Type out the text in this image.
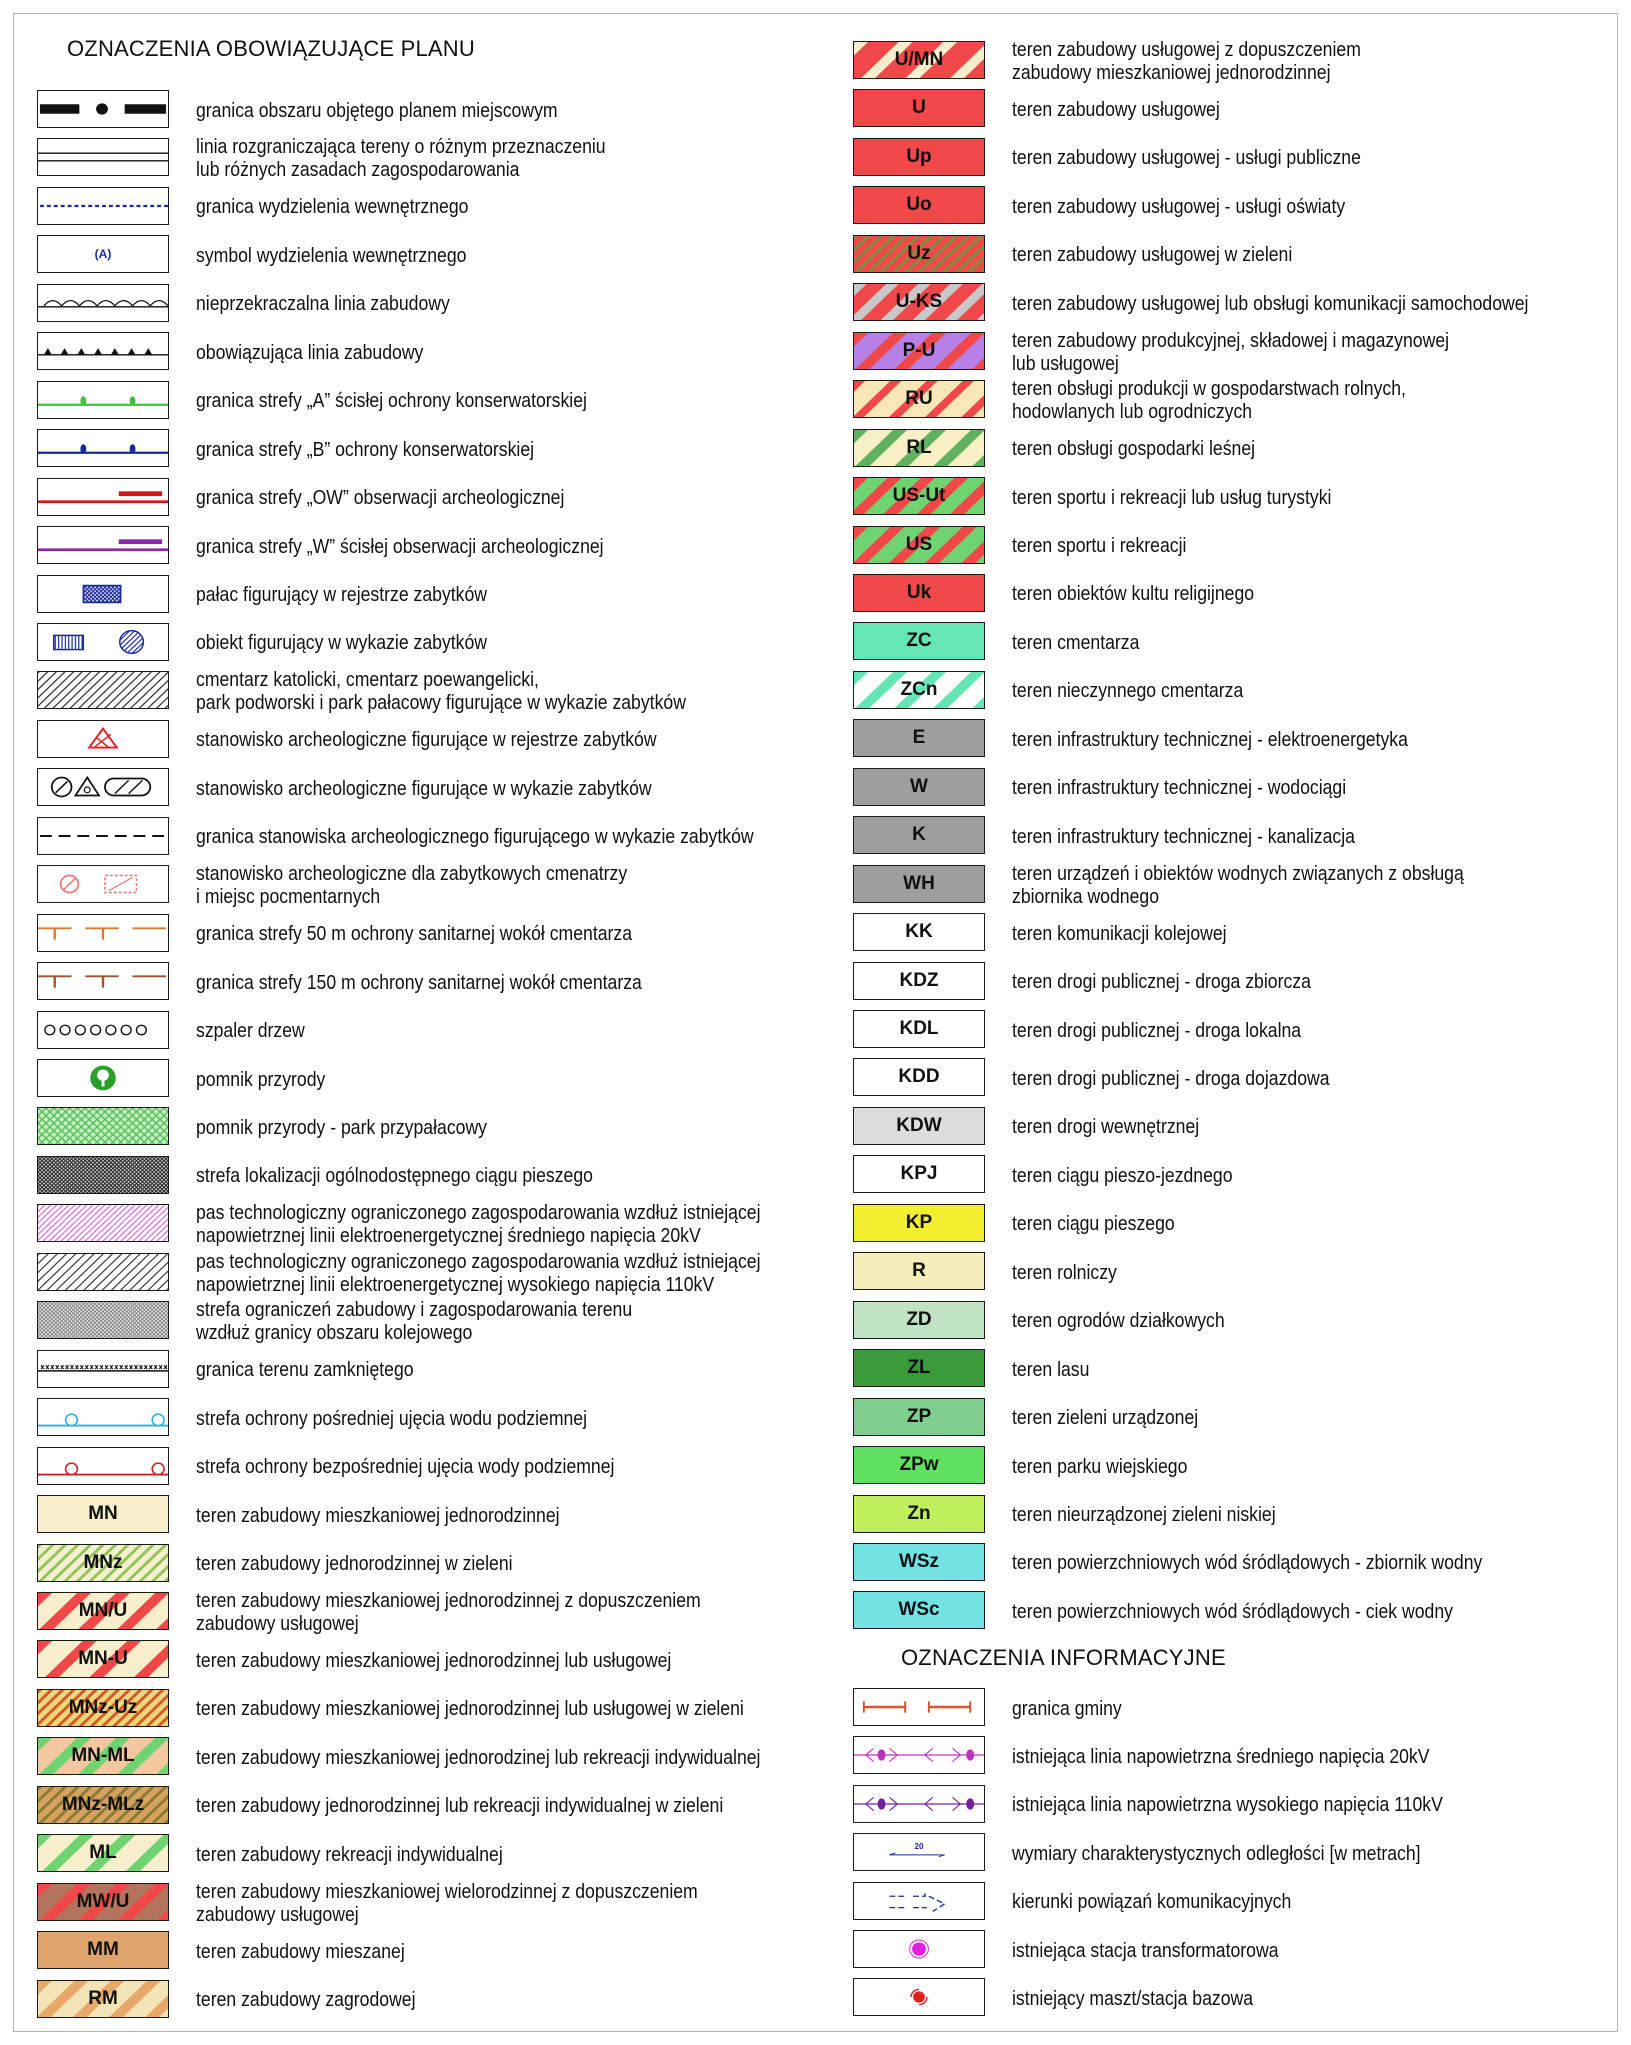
OZNACZENIA OBOWIĄZUJĄCE PLANU
granica obszaru objętego planem miejscowym
linia rozgraniczająca tereny o różnym przeznaczeniu
lub różnych zasadach zagospodarowania
granica wydzielenia wewnętrznego
(A)	symbol wydzielenia wewnętrznego
nieprzekraczalna linia zabudowy
obowiązująca linia zabudowy
granica strefy „A” ścisłej ochrony konserwatorskiej
granica strefy „B” ochrony konserwatorskiej
granica strefy „OW” obserwacji archeologicznej
granica strefy „W” ścisłej obserwacji archeologicznej
pałac figurujący w rejestrze zabytków
obiekt figurujący w wykazie zabytków
cmentarz katolicki, cmentarz poewangelicki,
park podworski i park pałacowy figurujące w wykazie zabytków
stanowisko archeologiczne figurujące w rejestrze zabytków
stanowisko archeologiczne figurujące w wykazie zabytków
granica stanowiska archeologicznego figurującego w wykazie zabytków
stanowisko archeologiczne dla zabytkowych cmenatrzy
i miejsc pocmentarnych
granica strefy 50 m ochrony sanitarnej wokół cmentarza
granica strefy 150 m ochrony sanitarnej wokół cmentarza
szpaler drzew
pomnik przyrody
pomnik przyrody - park przypałacowy
strefa lokalizacji ogólnodostępnego ciągu pieszego
pas technologiczny ograniczonego zagospodarowania wzdłuż istniejącej
napowietrznej linii elektroenergetycznej średniego napięcia 20kV
pas technologiczny ograniczonego zagospodarowania wzdłuż istniejącej
napowietrznej linii elektroenergetycznej wysokiego napięcia 110kV
strefa ograniczeń zabudowy i zagospodarowania terenu
wzdłuż granicy obszaru kolejowego
granica terenu zamkniętego
strefa ochrony pośredniej ujęcia wodu podziemnej
strefa ochrony bezpośredniej ujęcia wody podziemnej
MN	teren zabudowy mieszkaniowej jednorodzinnej
MNz	teren zabudowy jednorodzinnej w zieleni
MN/U	teren zabudowy mieszkaniowej jednorodzinnej z dopuszczeniem
zabudowy usługowej
MN-U	teren zabudowy mieszkaniowej jednorodzinnej lub usługowej
MNz-Uz	teren zabudowy mieszkaniowej jednorodzinnej lub usługowej w zieleni
MN-ML	teren zabudowy mieszkaniowej jednorodzinej lub rekreacji indywidualnej
MNz-MLz	teren zabudowy jednorodzinnej lub rekreacji indywidualnej w zieleni
ML	teren zabudowy rekreacji indywidualnej
MW/U	teren zabudowy mieszkaniowej wielorodzinnej z dopuszczeniem
zabudowy usługowej
MM	teren zabudowy mieszanej
RM	teren zabudowy zagrodowej
U/MN	teren zabudowy usługowej z dopuszczeniem
zabudowy mieszkaniowej jednorodzinnej
U	teren zabudowy usługowej
Up	teren zabudowy usługowej - usługi publiczne
Uo	teren zabudowy usługowej - usługi oświaty
Uz	teren zabudowy usługowej w zieleni
U-KS	teren zabudowy usługowej lub obsługi komunikacji samochodowej
P-U	teren zabudowy produkcyjnej, składowej i magazynowej
lub usługowej
RU	teren obsługi produkcji w gospodarstwach rolnych,
hodowlanych lub ogrodniczych
RL	teren obsługi gospodarki leśnej
US-Ut	teren sportu i rekreacji lub usług turystyki
US	teren sportu i rekreacji
Uk	teren obiektów kultu religijnego
ZC	teren cmentarza
ZCn	teren nieczynnego cmentarza
E	teren infrastruktury technicznej - elektroenergetyka
W	teren infrastruktury technicznej - wodociągi
K	teren infrastruktury technicznej - kanalizacja
WH	teren urządzeń i obiektów wodnych związanych z obsługą
zbiornika wodnego
KK	teren komunikacji kolejowej
KDZ	teren drogi publicznej - droga zbiorcza
KDL	teren drogi publicznej - droga lokalna
KDD	teren drogi publicznej - droga dojazdowa
KDW	teren drogi wewnętrznej
KPJ	teren ciągu pieszo-jezdnego
KP	teren ciągu pieszego
R	teren rolniczy
ZD	teren ogrodów działkowych
ZL	teren lasu
ZP	teren zieleni urządzonej
ZPw	teren parku wiejskiego
Zn	teren nieurządzonej zieleni niskiej
WSz	teren powierzchniowych wód śródlądowych - zbiornik wodny
WSc	teren powierzchniowych wód śródlądowych - ciek wodny
OZNACZENIA INFORMACYJNE
granica gminy
istniejąca linia napowietrzna średniego napięcia 20kV
istniejąca linia napowietrzna wysokiego napięcia 110kV
20	wymiary charakterystycznych odległości [w metrach]
kierunki powiązań komunikacyjnych
istniejąca stacja transformatorowa
istniejący maszt/stacja bazowa
